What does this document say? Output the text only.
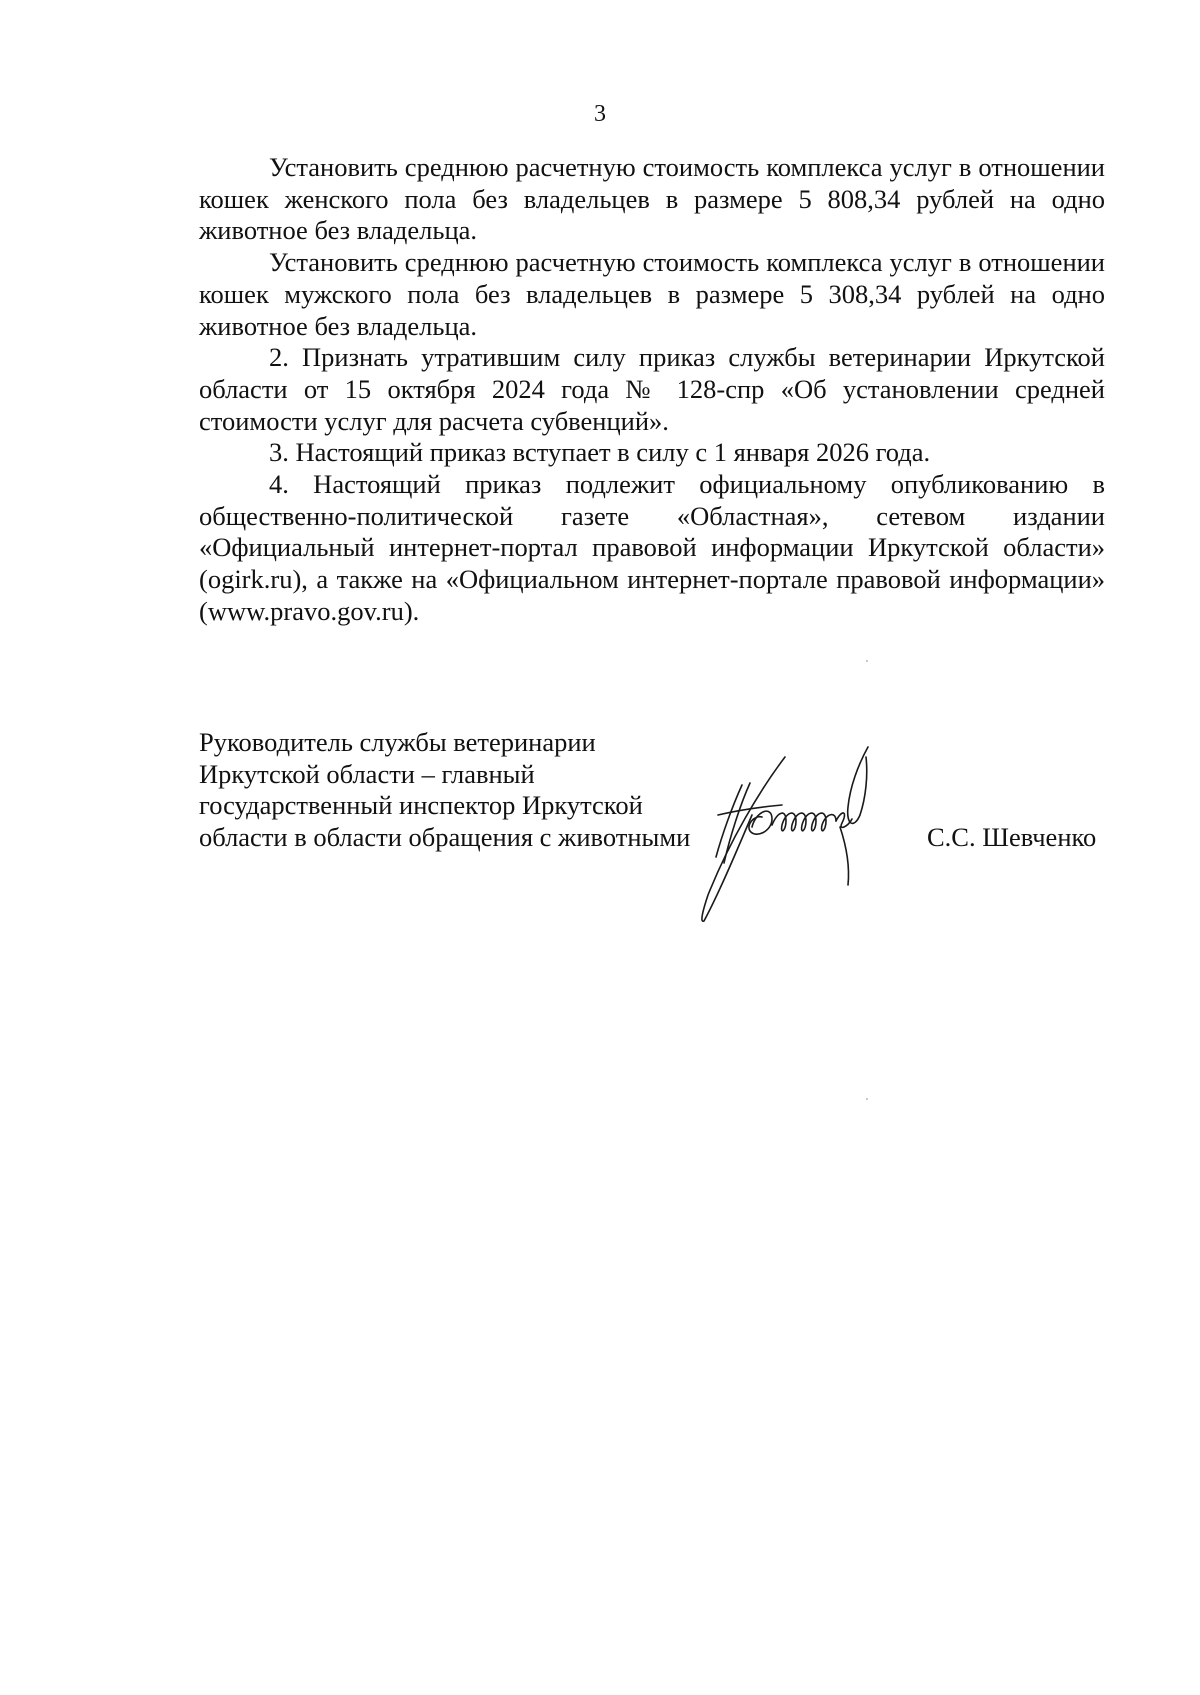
3

Установить среднюю расчетную стоимость комплекса услуг в отношении кошек женского пола без владельцев в размере 5 808,34 рублей на одно животное без владельца.

Установить среднюю расчетную стоимость комплекса услуг в отношении кошек мужского пола без владельцев в размере 5 308,34 рублей на одно животное без владельца.

2. Признать утратившим силу приказ службы ветеринарии Иркутской области от 15 октября 2024 года № 128-спр «Об установлении средней стоимости услуг для расчета субвенций».

3. Настоящий приказ вступает в силу с 1 января 2026 года.

4. Настоящий приказ подлежит официальному опубликованию в общественно-политической газете «Областная», сетевом издании «Официальный интернет-портал правовой информации Иркутской области» (ogirk.ru), а также на «Официальном интернет-портале правовой информации» (www.pravo.gov.ru).

Руководитель службы ветеринарии
Иркутской области – главный
государственный инспектор Иркутской
области в области обращения с животными	С.С. Шевченко
